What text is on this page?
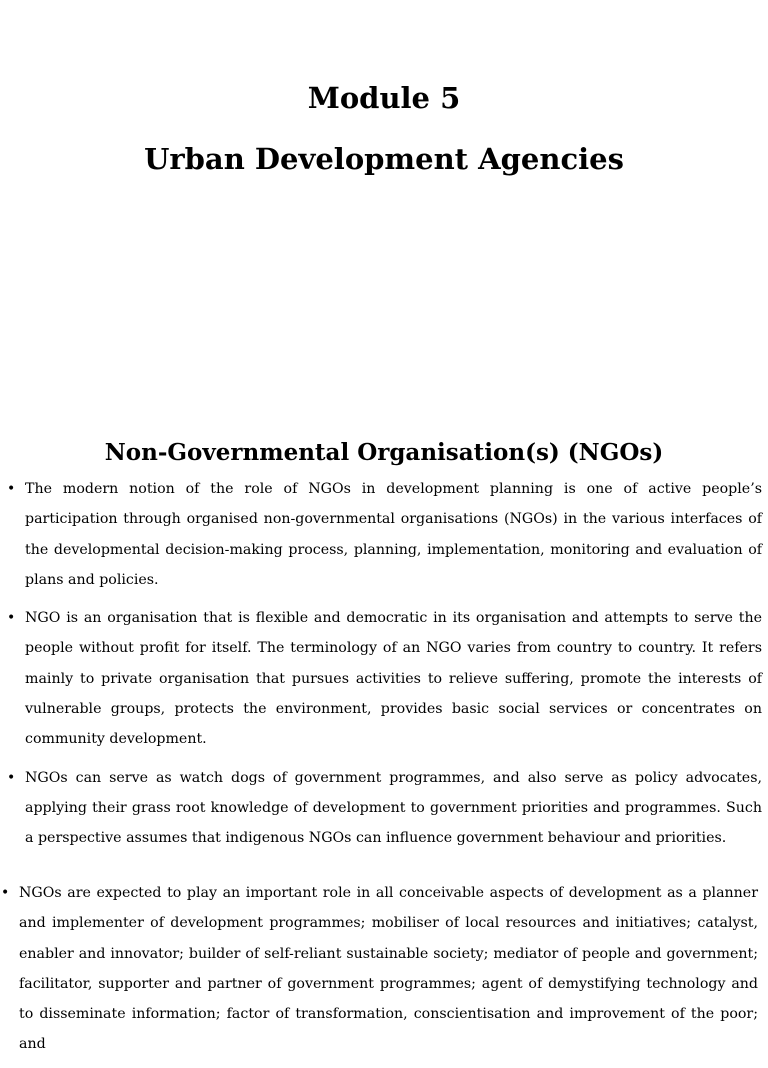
Module 5
Urban Development Agencies
Non-Governmental Organisation(s) (NGOs)
• The modern notion of the role of NGOs in development planning is one of active people’s participation through organised non-governmental organisations (NGOs) in the various interfaces of the developmental decision-making process, planning, implementation, monitoring and evaluation of plans and policies.
• NGO is an organisation that is flexible and democratic in its organisation and attempts to serve the people without profit for itself. The terminology of an NGO varies from country to country. It refers mainly to private organisation that pursues activities to relieve suffering, promote the interests of vulnerable groups, protects the environment, provides basic social services or concentrates on community development.
• NGOs can serve as watch dogs of government programmes, and also serve as policy advocates, applying their grass root knowledge of development to government priorities and programmes. Such a perspective assumes that indigenous NGOs can influence government behaviour and priorities.
• NGOs are expected to play an important role in all conceivable aspects of development as a planner and implementer of development programmes; mobiliser of local resources and initiatives; catalyst, enabler and innovator; builder of self-reliant sustainable society; mediator of people and government; facilitator, supporter and partner of government programmes; agent of demystifying technology and to disseminate information; factor of transformation, conscientisation and improvement of the poor; and
